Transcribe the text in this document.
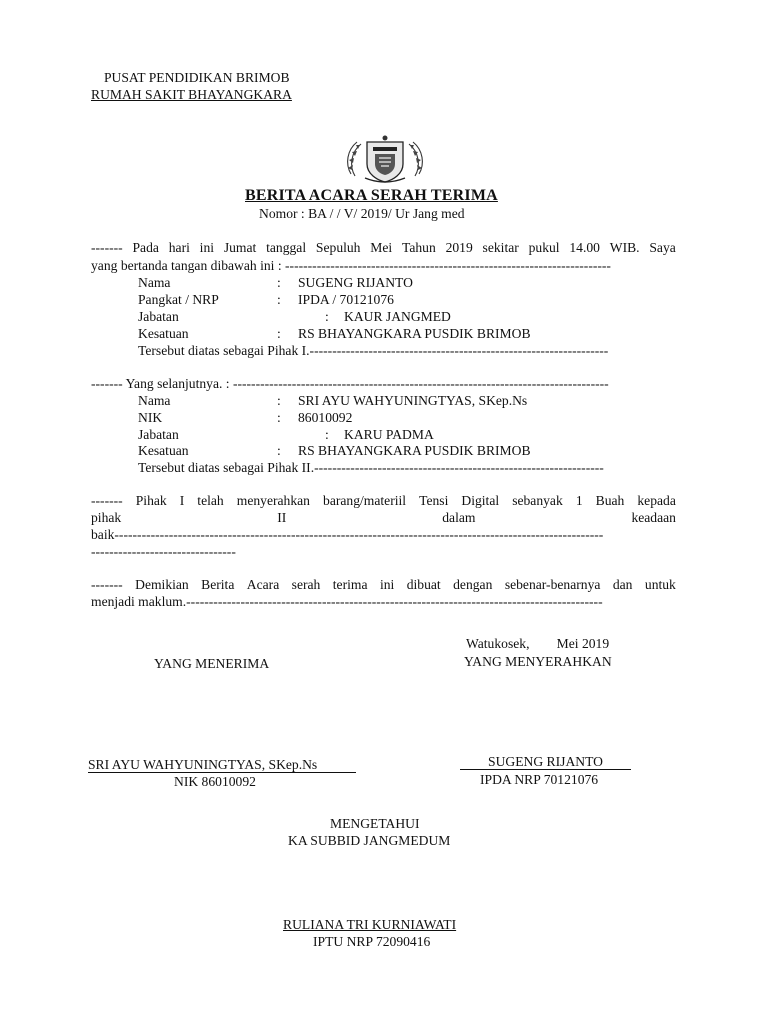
PUSAT PENDIDIKAN BRIMOB
RUMAH SAKIT BHAYANGKARA
BERITA ACARA SERAH TERIMA
Nomor : BA / / V/ 2019/ Ur Jang med
------- Pada hari ini Jumat tanggal Sepuluh Mei Tahun 2019 sekitar pukul 14.00 WIB. Saya
yang bertanda tangan dibawah ini : ------------------------------------------------------------------------
Nama	: SUGENG RIJANTO
Pangkat / NRP	: IPDA / 70121076
Jabatan	: KAUR JANGMED
Kesatuan	: RS BHAYANGKARA PUSDIK BRIMOB
Tersebut diatas sebagai Pihak I.------------------------------------------------------------------
------- Yang selanjutnya. : -----------------------------------------------------------------------------------
Nama	: SRI AYU WAHYUNINGTYAS, SKep.Ns
NIK	: 86010092
Jabatan	: KARU PADMA
Kesatuan	: RS BHAYANGKARA PUSDIK BRIMOB
Tersebut diatas sebagai Pihak II.----------------------------------------------------------------
------- Pihak I telah menyerahkan barang/materiil Tensi Digital sebanyak 1 Buah kepada
pihak	II	dalam	keadaan
baik------------------------------------------------------------------------------------------------------------
--------------------------------
------- Demikian Berita Acara serah terima ini dibuat dengan sebenar-benarnya dan untuk
menjadi maklum.--------------------------------------------------------------------------------------------
Watukosek,        Mei 2019
YANG MENERIMA	YANG MENYERAHKAN
SRI AYU WAHYUNINGTYAS, SKep.Ns
NIK 86010092
SUGENG RIJANTO
IPDA NRP 70121076
MENGETAHUI
KA SUBBID JANGMEDUM
RULIANA TRI KURNIAWATI
IPTU NRP 72090416
